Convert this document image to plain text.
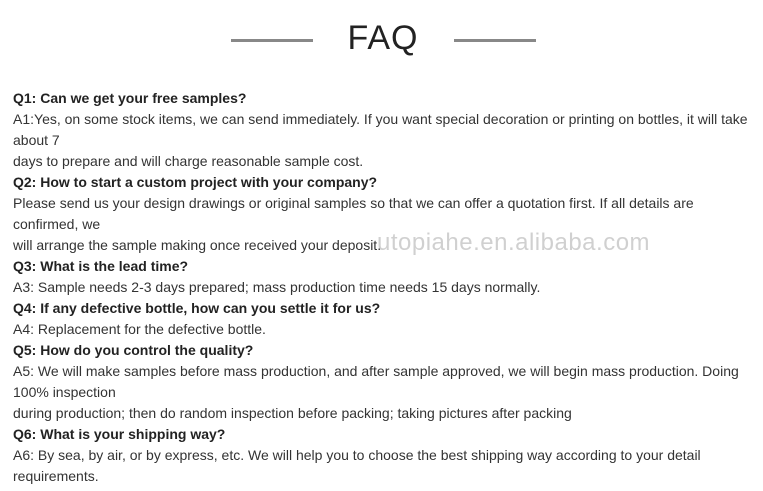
FAQ

Q1: Can we get your free samples?

A1:Yes, on some stock items, we can send immediately. If you want special decoration or printing on bottles, it will take about 7

days to prepare and will charge reasonable sample cost.

Q2: How to start a custom project with your company?

Please send us your design drawings or original samples so that we can offer a quotation first. If all details are confirmed, we

will arrange the sample making once received your deposit.

Q3: What is the lead time?

A3: Sample needs 2-3 days prepared; mass production time needs 15 days normally.

Q4: If any defective bottle, how can you settle it for us?

A4: Replacement for the defective bottle.

Q5: How do you control the quality?

A5: We will make samples before mass production, and after sample approved, we will begin mass production. Doing 100% inspection

during production; then do random inspection before packing; taking pictures after packing

Q6: What is your shipping way?

A6: By sea, by air, or by express, etc. We will help you to choose the best shipping way according to your detail requirements.

utopiahe.en.alibaba.com
